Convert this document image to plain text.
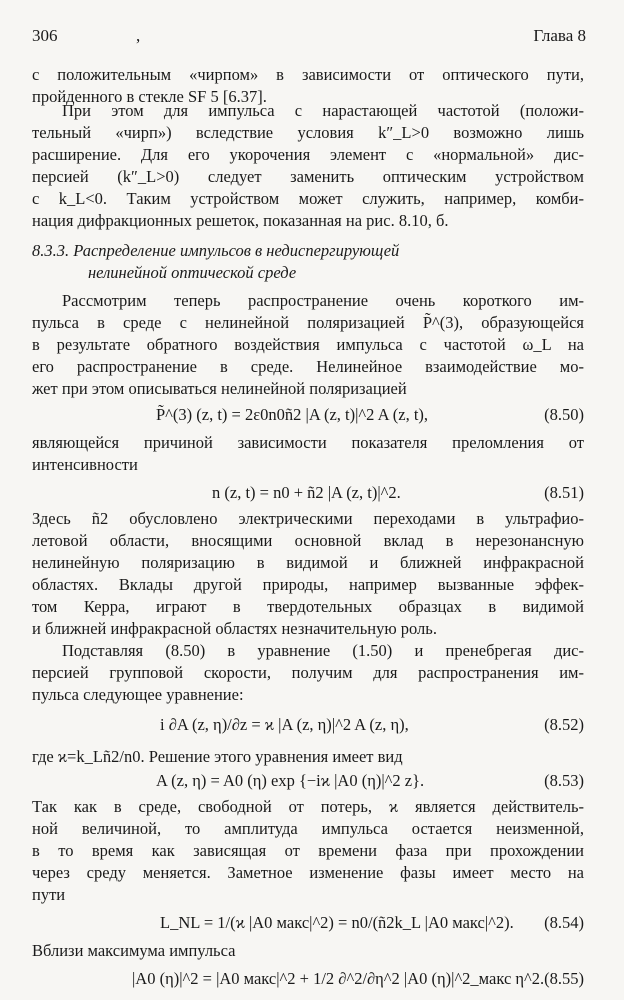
306	,	Глава 8
с положительным «чирпом» в зависимости от оптического пути,
пройденного в стекле SF 5 [6.37].
При этом для импульса с нарастающей частотой (положи-
тельный «чирп») вследствие условия k″_L>0 возможно лишь
расширение. Для его укорочения элемент с «нормальной» дис-
персией (k″_L>0) следует заменить оптическим устройством
с k_L<0. Таким устройством может служить, например, комби-
нация дифракционных решеток, показанная на рис. 8.10, б.
8.3.3. Распределение импульсов в недиспергирующей
нелинейной оптической среде
Рассмотрим теперь распространение очень короткого им-
пульса в среде с нелинейной поляризацией P̃^(3), образующейся
в результате обратного воздействия импульса с частотой ω_L на
его распространение в среде. Нелинейное взаимодействие мо-
жет при этом описываться нелинейной поляризацией
P̃^(3) (z, t) = 2ε0n0ñ2 |A (z, t)|^2 A (z, t),	(8.50)
являющейся причиной зависимости показателя преломления от
интенсивности
n (z, t) = n0 + ñ2 |A (z, t)|^2.	(8.51)
Здесь ñ2 обусловлено электрическими переходами в ультрафио-
летовой области, вносящими основной вклад в нерезонансную
нелинейную поляризацию в видимой и ближней инфракрасной
областях. Вклады другой природы, например вызванные эффек-
том Керра, играют в твердотельных образцах в видимой
и ближней инфракрасной областях незначительную роль.
Подставляя (8.50) в уравнение (1.50) и пренебрегая дис-
персией групповой скорости, получим для распространения им-
пульса следующее уравнение:
i ∂A (z, η)/∂z = ϰ |A (z, η)|^2 A (z, η),	(8.52)
где ϰ=k_Lñ2/n0. Решение этого уравнения имеет вид
A (z, η) = A0 (η) exp {−iϰ |A0 (η)|^2 z}.	(8.53)
Так как в среде, свободной от потерь, ϰ является действитель-
ной величиной, то амплитуда импульса остается неизменной,
в то время как зависящая от времени фаза при прохождении
через среду меняется. Заметное изменение фазы имеет место на
пути
L_NL = 1/(ϰ |A0 макс|^2) = n0/(ñ2k_L |A0 макс|^2). (8.54)
Вблизи максимума импульса
|A0 (η)|^2 = |A0 макс|^2 + 1/2 ∂^2/∂η^2 |A0 (η)|^2_макс η^2. (8.55)
